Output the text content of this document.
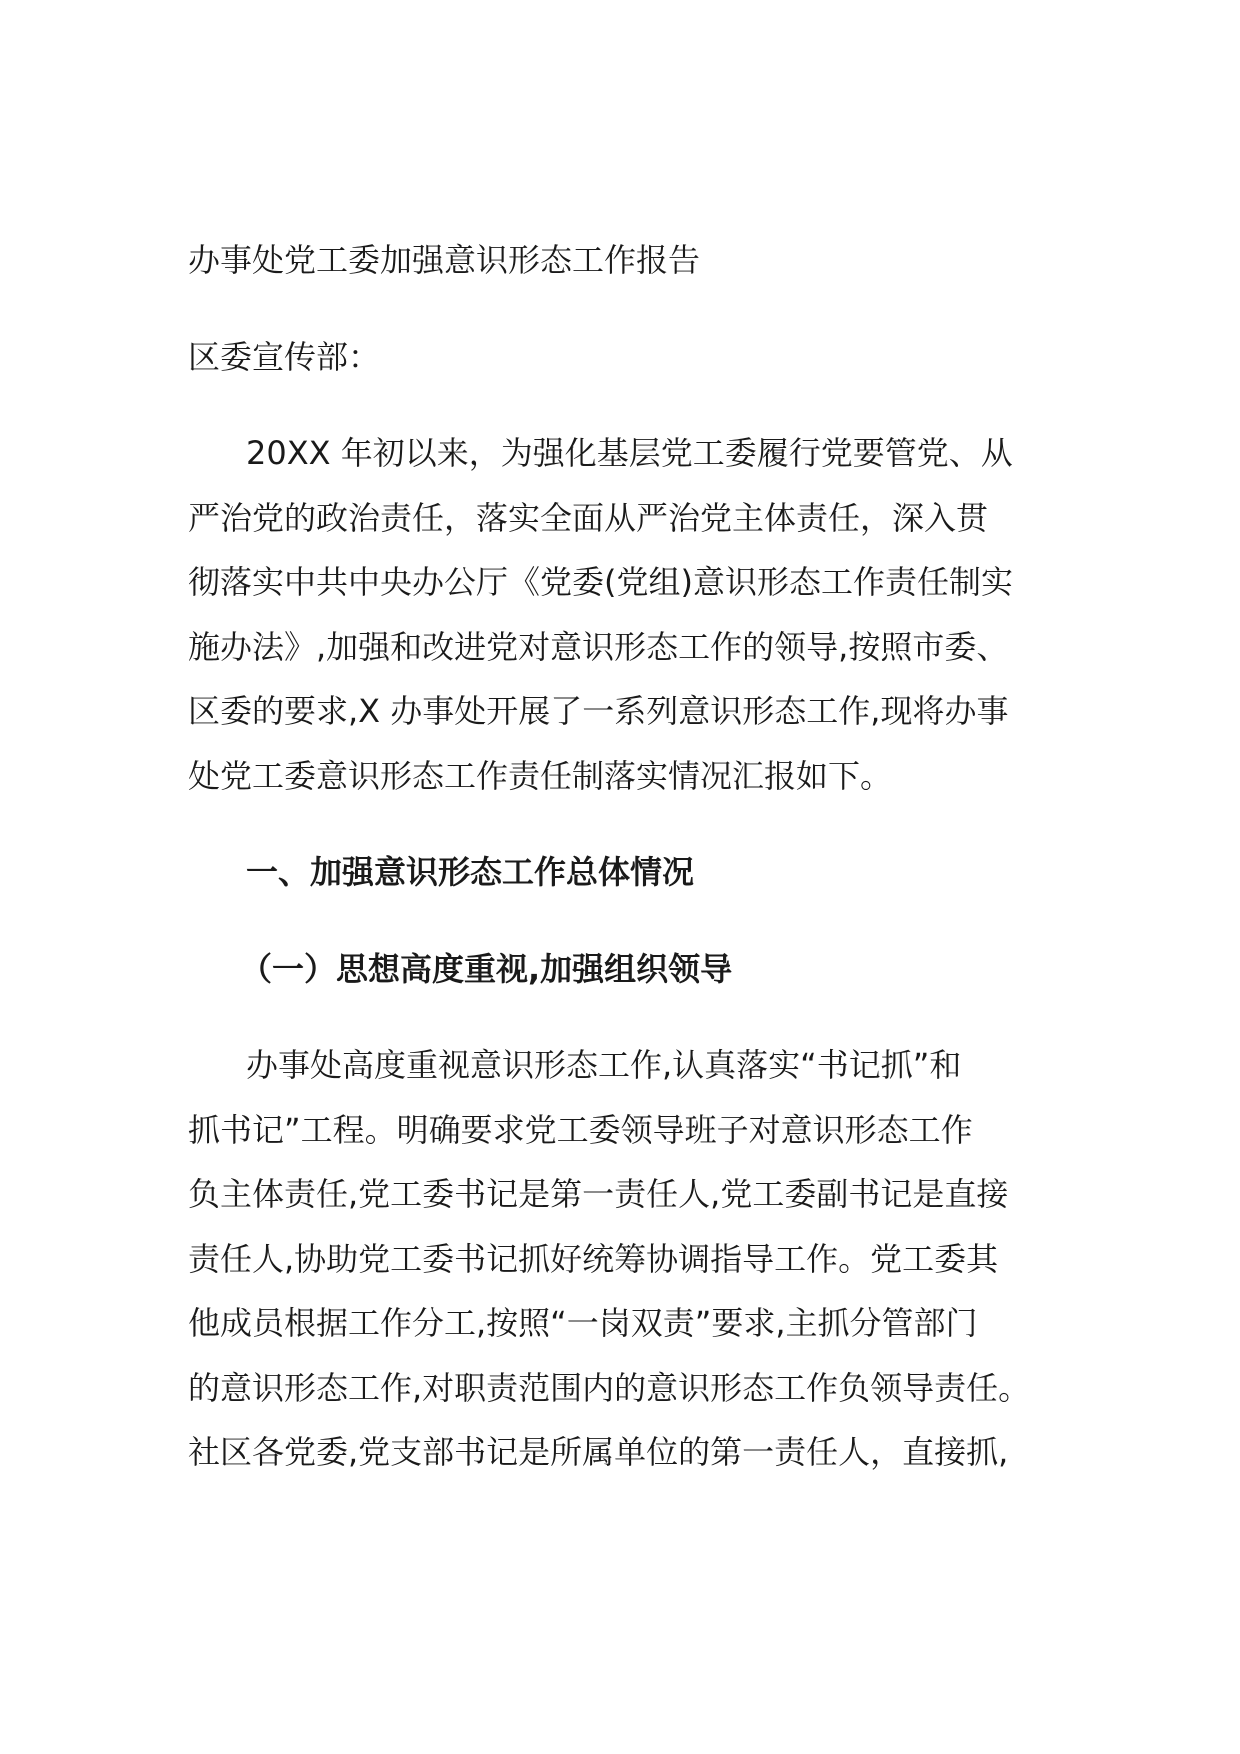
办事处党工委加强意识形态工作报告
区委宣传部：
20XX 年初以来，为强化基层党工委履行党要管党、从
严治党的政治责任，落实全面从严治党主体责任，深入贯
彻落实中共中央办公厅《党委(党组)意识形态工作责任制实
施办法》,加强和改进党对意识形态工作的领导,按照市委、
区委的要求,X 办事处开展了一系列意识形态工作,现将办事
处党工委意识形态工作责任制落实情况汇报如下。
一、加强意识形态工作总体情况
（一）思想高度重视,加强组织领导
办事处高度重视意识形态工作,认真落实“书记抓”和
抓书记”工程。明确要求党工委领导班子对意识形态工作
负主体责任,党工委书记是第一责任人,党工委副书记是直接
责任人,协助党工委书记抓好统筹协调指导工作。党工委其
他成员根据工作分工,按照“一岗双责”要求,主抓分管部门
的意识形态工作,对职责范围内的意识形态工作负领导责任。
社区各党委,党支部书记是所属单位的第一责任人，直接抓,
